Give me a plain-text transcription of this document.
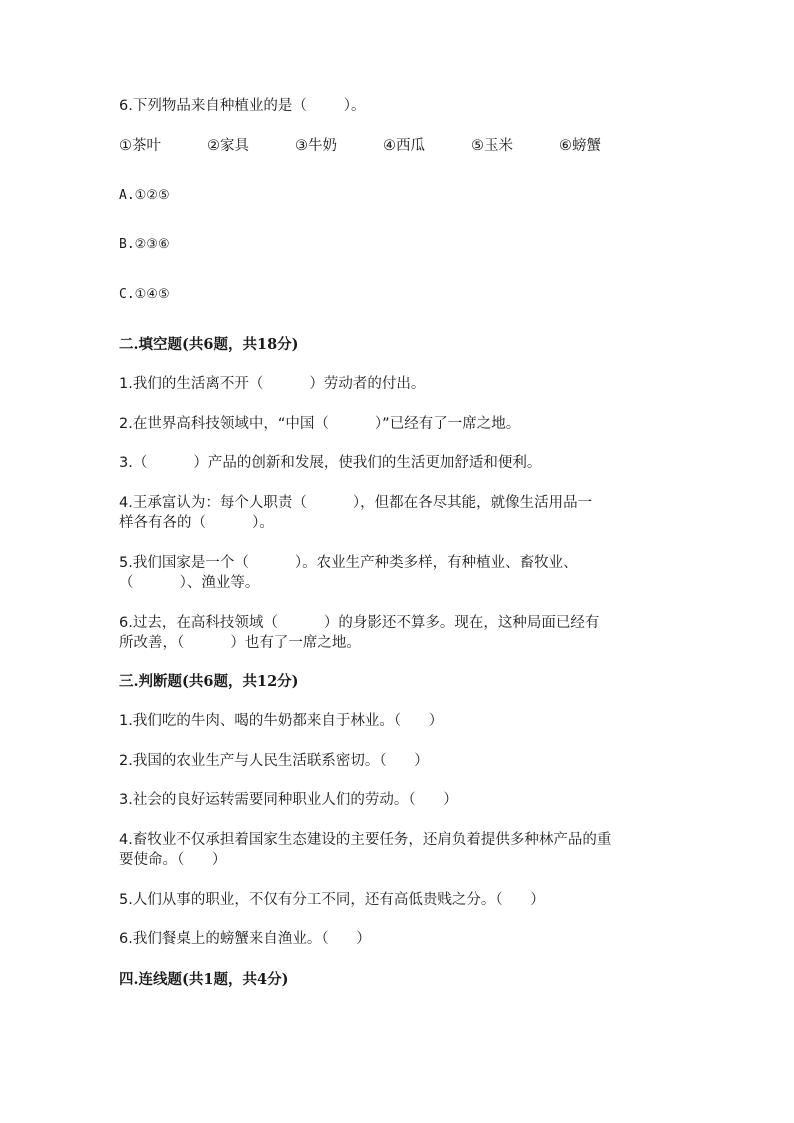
6.下列物品来自种植业的是（        ）。

①茶叶	②家具	③牛奶	④西瓜	⑤玉米	⑥螃蟹

A.①②⑤

B.②③⑥

C.①④⑤

二.填空题(共6题，共18分)

1.我们的生活离不开（          ）劳动者的付出。

2.在世界高科技领域中，“中国（          ）”已经有了一席之地。

3.（          ）产品的创新和发展，使我们的生活更加舒适和便利。

4.王承富认为：每个人职责（          ），但都在各尽其能，就像生活用品一

样各有各的（          ）。

5.我们国家是一个（          ）。农业生产种类多样，有种植业、畜牧业、

（          ）、渔业等。

6.过去，在高科技领域（          ）的身影还不算多。现在，这种局面已经有

所改善，（          ）也有了一席之地。

三.判断题(共6题，共12分)

1.我们吃的牛肉、喝的牛奶都来自于林业。（      ）

2.我国的农业生产与人民生活联系密切。（      ）

3.社会的良好运转需要同种职业人们的劳动。（      ）

4.畜牧业不仅承担着国家生态建设的主要任务，还肩负着提供多种林产品的重

要使命。（      ）

5.人们从事的职业，不仅有分工不同，还有高低贵贱之分。（      ）

6.我们餐桌上的螃蟹来自渔业。（      ）

四.连线题(共1题，共4分)
